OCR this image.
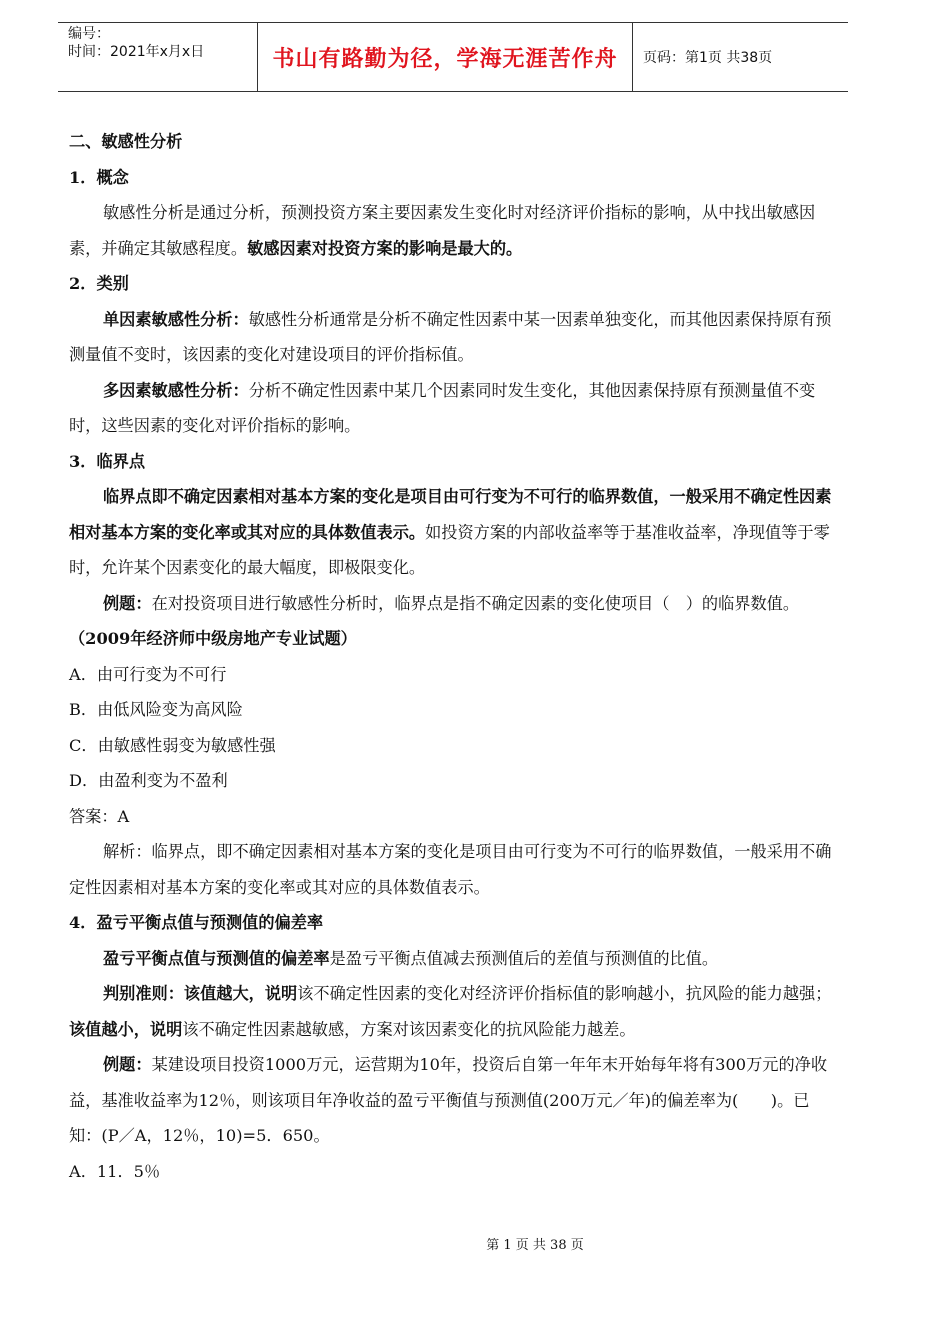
编号：
时间：2021年x月x日	书山有路勤为径，学海无涯苦作舟	页码：第1页 共38页

二、敏感性分析

1．概念

敏感性分析是通过分析，预测投资方案主要因素发生变化时对经济评价指标的影响，从中找出敏感因素，并确定其敏感程度。敏感因素对投资方案的影响是最大的。

2．类别

单因素敏感性分析：敏感性分析通常是分析不确定性因素中某一因素单独变化，而其他因素保持原有预测量值不变时，该因素的变化对建设项目的评价指标值。

多因素敏感性分析：分析不确定性因素中某几个因素同时发生变化，其他因素保持原有预测量值不变时，这些因素的变化对评价指标的影响。

3．临界点

临界点即不确定因素相对基本方案的变化是项目由可行变为不可行的临界数值，一般采用不确定性因素相对基本方案的变化率或其对应的具体数值表示。如投资方案的内部收益率等于基准收益率，净现值等于零时，允许某个因素变化的最大幅度，即极限变化。

例题：在对投资项目进行敏感性分析时，临界点是指不确定因素的变化使项目（　）的临界数值。（2009年经济师中级房地产专业试题）

A．由可行变为不可行

B．由低风险变为高风险

C．由敏感性弱变为敏感性强

D．由盈利变为不盈利

答案：A

解析：临界点，即不确定因素相对基本方案的变化是项目由可行变为不可行的临界数值，一般采用不确定性因素相对基本方案的变化率或其对应的具体数值表示。

4．盈亏平衡点值与预测值的偏差率

盈亏平衡点值与预测值的偏差率是盈亏平衡点值减去预测值后的差值与预测值的比值。

判别准则：该值越大，说明该不确定性因素的变化对经济评价指标值的影响越小，抗风险的能力越强；该值越小，说明该不确定性因素越敏感，方案对该因素变化的抗风险能力越差。

例题：某建设项目投资1000万元，运营期为10年，投资后自第一年年末开始每年将有300万元的净收益，基准收益率为12％，则该项目年净收益的盈亏平衡值与预测值(200万元／年)的偏差率为(　　)。已知：(P／A，12％，10)=5．650。

A．11．5％

第 1 页 共 38 页
